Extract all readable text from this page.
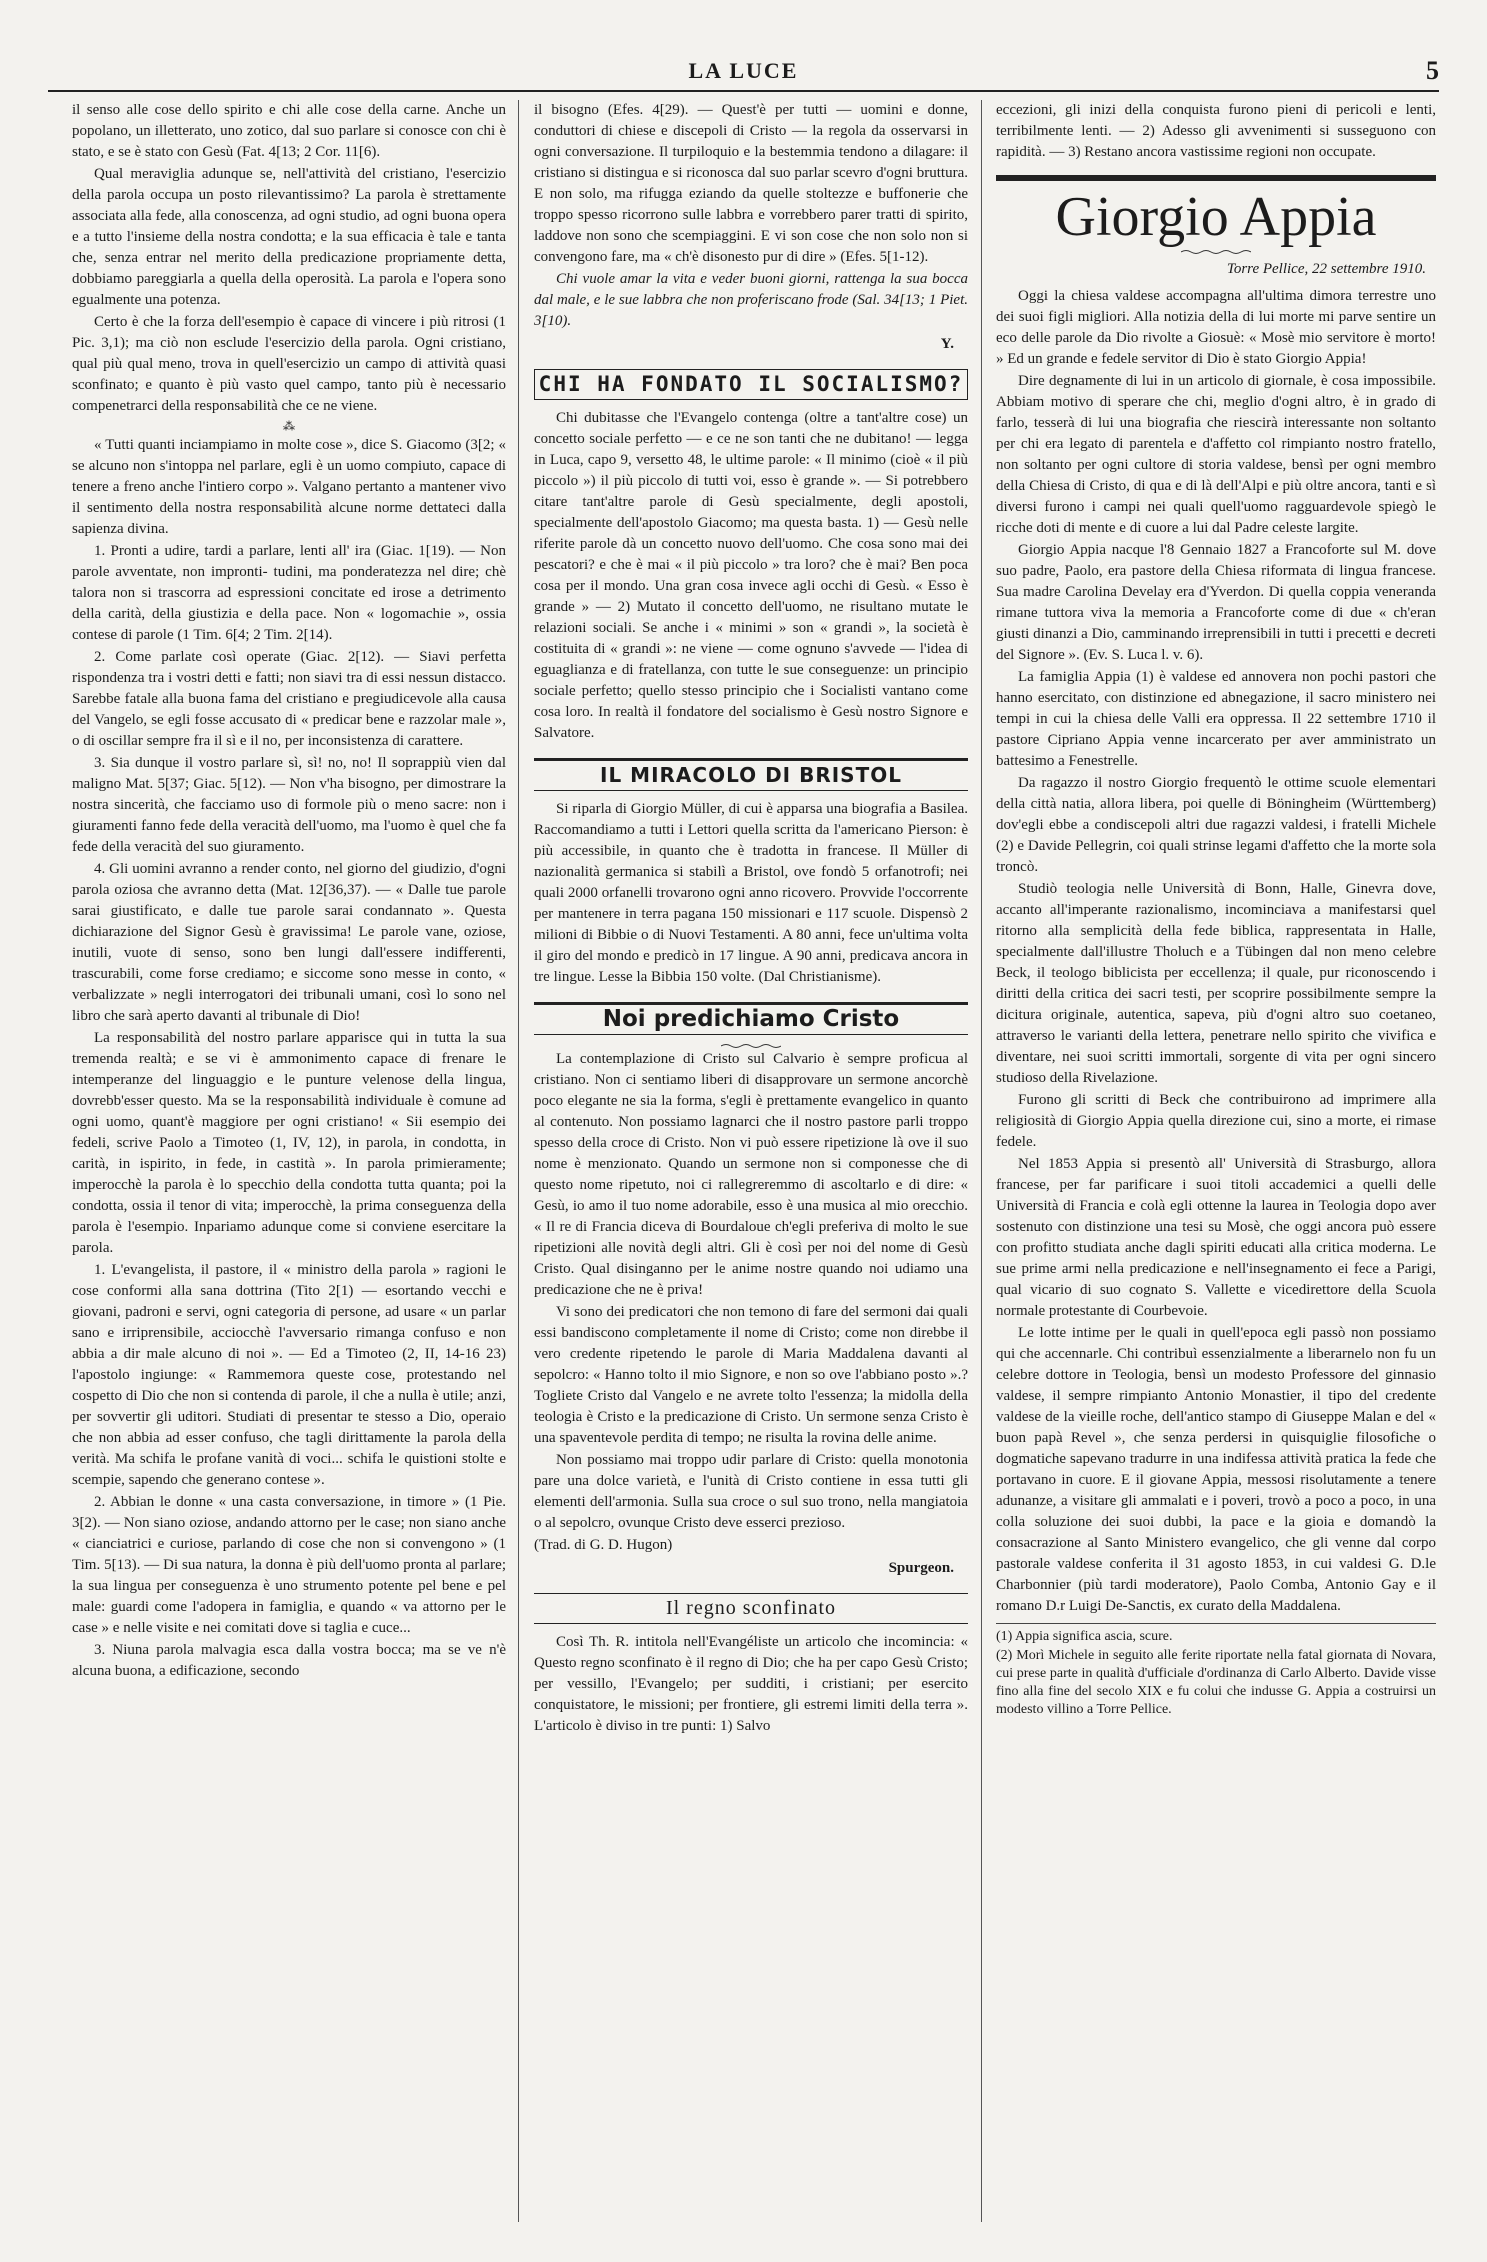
LA LUCE	5

il senso alle cose dello spirito e chi alle cose della carne. Anche un popolano, un illetterato, uno zotico, dal suo parlare si conosce con chi è stato, e se è stato con Gesù (Fat. 4[13; 2 Cor. 11[6).

Qual meraviglia adunque se, nell'attività del cristiano, l'esercizio della parola occupa un posto rilevantissimo? La parola è strettamente associata alla fede, alla conoscenza, ad ogni studio, ad ogni buona opera e a tutto l'insieme della nostra condotta; e la sua efficacia è tale e tanta che, senza entrar nel merito della predicazione propriamente detta, dobbiamo pareggiarla a quella della operosità. La parola e l'opera sono egualmente una potenza.

Certo è che la forza dell'esempio è capace di vincere i più ritrosi (1 Pic. 3,1); ma ciò non esclude l'esercizio della parola. Ogni cristiano, qual più qual meno, trova in quell'esercizio un campo di attività quasi sconfinato; e quanto è più vasto quel campo, tanto più è necessario compenetrarci della responsabilità che ce ne viene.

⁂

« Tutti quanti inciampiamo in molte cose », dice S. Giacomo (3[2; « se alcuno non s'intoppa nel parlare, egli è un uomo compiuto, capace di tenere a freno anche l'intiero corpo ». Valgano pertanto a mantener vivo il sentimento della nostra responsabilità alcune norme dettateci dalla sapienza divina.

1. Pronti a udire, tardi a parlare, lenti all' ira (Giac. 1[19). — Non parole avventate, non impronti- tudini, ma ponderatezza nel dire; chè talora non si trascorra ad espressioni concitate ed irose a detrimento della carità, della giustizia e della pace. Non « logomachie », ossia contese di parole (1 Tim. 6[4; 2 Tim. 2[14).

2. Come parlate così operate (Giac. 2[12). — Siavi perfetta rispondenza tra i vostri detti e fatti; non siavi tra di essi nessun distacco. Sarebbe fatale alla buona fama del cristiano e pregiudicevole alla causa del Vangelo, se egli fosse accusato di « predicar bene e razzolar male », o di oscillar sempre fra il sì e il no, per inconsistenza di carattere.

3. Sia dunque il vostro parlare sì, sì! no, no! Il soprappiù vien dal maligno Mat. 5[37; Giac. 5[12). — Non v'ha bisogno, per dimostrare la nostra sincerità, che facciamo uso di formole più o meno sacre: non i giuramenti fanno fede della veracità dell'uomo, ma l'uomo è quel che fa fede della veracità del suo giuramento.

4. Gli uomini avranno a render conto, nel giorno del giudizio, d'ogni parola oziosa che avranno detta (Mat. 12[36,37). — « Dalle tue parole sarai giustificato, e dalle tue parole sarai condannato ». Questa dichiarazione del Signor Gesù è gravissima! Le parole vane, oziose, inutili, vuote di senso, sono ben lungi dall'essere indifferenti, trascurabili, come forse crediamo; e siccome sono messe in conto, « verbalizzate » negli interrogatori dei tribunali umani, così lo sono nel libro che sarà aperto davanti al tribunale di Dio!

La responsabilità del nostro parlare apparisce qui in tutta la sua tremenda realtà; e se vi è ammonimento capace di frenare le intemperanze del linguaggio e le punture velenose della lingua, dovrebb'esser questo. Ma se la responsabilità individuale è comune ad ogni uomo, quant'è maggiore per ogni cristiano! « Sii esempio dei fedeli, scrive Paolo a Timoteo (1, IV, 12), in parola, in condotta, in carità, in ispirito, in fede, in castità ». In parola primieramente; imperocchè la parola è lo specchio della condotta tutta quanta; poi la condotta, ossia il tenor di vita; imperocchè, la prima conseguenza della parola è l'esempio. Inpariamo adunque come si conviene esercitare la parola.

1. L'evangelista, il pastore, il « ministro della parola » ragioni le cose conformi alla sana dottrina (Tito 2[1) — esortando vecchi e giovani, padroni e servi, ogni categoria di persone, ad usare « un parlar sano e irriprensibile, acciocchè l'avversario rimanga confuso e non abbia a dir male alcuno di noi ». — Ed a Timoteo (2, II, 14-16 23) l'apostolo ingiunge: « Rammemora queste cose, protestando nel cospetto di Dio che non si contenda di parole, il che a nulla è utile; anzi, per sovvertir gli uditori. Studiati di presentar te stesso a Dio, operaio che non abbia ad esser confuso, che tagli dirittamente la parola della verità. Ma schifa le profane vanità di voci... schifa le quistioni stolte e scempie, sapendo che generano contese ».

2. Abbian le donne « una casta conversazione, in timore » (1 Pie. 3[2). — Non siano oziose, andando attorno per le case; non siano anche « cianciatrici e curiose, parlando di cose che non si convengono » (1 Tim. 5[13). — Di sua natura, la donna è più dell'uomo pronta al parlare; la sua lingua per conseguenza è uno strumento potente pel bene e pel male: guardi come l'adopera in famiglia, e quando « va attorno per le case » e nelle visite e nei comitati dove si taglia e cuce...

3. Niuna parola malvagia esca dalla vostra bocca; ma se ve n'è alcuna buona, a edificazione, secondo

il bisogno (Efes. 4[29). — Quest'è per tutti — uomini e donne, conduttori di chiese e discepoli di Cristo — la regola da osservarsi in ogni conversazione. Il turpiloquio e la bestemmia tendono a dilagare: il cristiano si distingua e si riconosca dal suo parlar scevro d'ogni bruttura. E non solo, ma rifugga eziando da quelle stoltezze e buffonerie che troppo spesso ricorrono sulle labbra e vorrebbero parer tratti di spirito, laddove non sono che scempiaggini. E vi son cose che non solo non si convengono fare, ma « ch'è disonesto pur di dire » (Efes. 5[1-12).

Chi vuole amar la vita e veder buoni giorni, rattenga la sua bocca dal male, e le sue labbra che non proferiscano frode (Sal. 34[13; 1 Piet. 3[10).

Y.
CHI HA FONDATO IL SOCIALISMO?

Chi dubitasse che l'Evangelo contenga (oltre a tant'altre cose) un concetto sociale perfetto — e ce ne son tanti che ne dubitano! — legga in Luca, capo 9, versetto 48, le ultime parole: « Il minimo (cioè « il più piccolo ») il più piccolo di tutti voi, esso è grande ». — Si potrebbero citare tant'altre parole di Gesù specialmente, degli apostoli, specialmente dell'apostolo Giacomo; ma questa basta. 1) — Gesù nelle riferite parole dà un concetto nuovo dell'uomo. Che cosa sono mai dei pescatori? e che è mai « il più piccolo » tra loro? che è mai? Ben poca cosa per il mondo. Una gran cosa invece agli occhi di Gesù. « Esso è grande » — 2) Mutato il concetto dell'uomo, ne risultano mutate le relazioni sociali. Se anche i « minimi » son « grandi », la società è costituita di « grandi »: ne viene — come ognuno s'avvede — l'idea di eguaglianza e di fratellanza, con tutte le sue conseguenze: un principio sociale perfetto; quello stesso principio che i Socialisti vantano come cosa loro. In realtà il fondatore del socialismo è Gesù nostro Signore e Salvatore.

IL MIRACOLO DI BRISTOL

Si riparla di Giorgio Müller, di cui è apparsa una biografia a Basilea. Raccomandiamo a tutti i Lettori quella scritta da l'americano Pierson: è più accessibile, in quanto che è tradotta in francese. Il Müller di nazionalità germanica si stabilì a Bristol, ove fondò 5 orfanotrofi; nei quali 2000 orfanelli trovarono ogni anno ricovero. Provvide l'occorrente per mantenere in terra pagana 150 missionari e 117 scuole. Dispensò 2 milioni di Bibbie o di Nuovi Testamenti. A 80 anni, fece un'ultima volta il giro del mondo e predicò in 17 lingue. A 90 anni, predicava ancora in tre lingue. Lesse la Bibbia 150 volte. (Dal Christianisme).

Noi predichiamo Cristo

La contemplazione di Cristo sul Calvario è sempre proficua al cristiano. Non ci sentiamo liberi di disapprovare un sermone ancorchè poco elegante ne sia la forma, s'egli è prettamente evangelico in quanto al contenuto. Non possiamo lagnarci che il nostro pastore parli troppo spesso della croce di Cristo. Non vi può essere ripetizione là ove il suo nome è menzionato. Quando un sermone non si componesse che di questo nome ripetuto, noi ci rallegreremmo di ascoltarlo e di dire: « Gesù, io amo il tuo nome adorabile, esso è una musica al mio orecchio. « Il re di Francia diceva di Bourdaloue ch'egli preferiva di molto le sue ripetizioni alle novità degli altri. Gli è così per noi del nome di Gesù Cristo. Qual disinganno per le anime nostre quando noi udiamo una predicazione che ne è priva!

Vi sono dei predicatori che non temono di fare del sermoni dai quali essi bandiscono completamente il nome di Cristo; come non direbbe il vero credente ripetendo le parole di Maria Maddalena davanti al sepolcro: « Hanno tolto il mio Signore, e non so ove l'abbiano posto ».? Togliete Cristo dal Vangelo e ne avrete tolto l'essenza; la midolla della teologia è Cristo e la predicazione di Cristo. Un sermone senza Cristo è una spaventevole perdita di tempo; ne risulta la rovina delle anime.

Non possiamo mai troppo udir parlare di Cristo: quella monotonia pare una dolce varietà, e l'unità di Cristo contiene in essa tutti gli elementi dell'armonia. Sulla sua croce o sul suo trono, nella mangiatoia o al sepolcro, ovunque Cristo deve esserci prezioso.

(Trad. di G. D. Hugon)

Spurgeon.
Il regno sconfinato

Così Th. R. intitola nell'Evangéliste un articolo che incomincia: « Questo regno sconfinato è il regno di Dio; che ha per capo Gesù Cristo; per vessillo, l'Evangelo; per sudditi, i cristiani; per esercito conquistatore, le missioni; per frontiere, gli estremi limiti della terra ». L'articolo è diviso in tre punti: 1) Salvo

eccezioni, gli inizi della conquista furono pieni di pericoli e lenti, terribilmente lenti. — 2) Adesso gli avvenimenti si susseguono con rapidità. — 3) Restano ancora vastissime regioni non occupate.

Giorgio Appia
Torre Pellice, 22 settembre 1910.

Oggi la chiesa valdese accompagna all'ultima dimora terrestre uno dei suoi figli migliori. Alla notizia della di lui morte mi parve sentire un eco delle parole da Dio rivolte a Giosuè: « Mosè mio servitore è morto! » Ed un grande e fedele servitor di Dio è stato Giorgio Appia!

Dire degnamente di lui in un articolo di giornale, è cosa impossibile. Abbiam motivo di sperare che chi, meglio d'ogni altro, è in grado di farlo, tesserà di lui una biografia che riescirà interessante non soltanto per chi era legato di parentela e d'affetto col rimpianto nostro fratello, non soltanto per ogni cultore di storia valdese, bensì per ogni membro della Chiesa di Cristo, di qua e di là dell'Alpi e più oltre ancora, tanti e sì diversi furono i campi nei quali quell'uomo ragguardevole spiegò le ricche doti di mente e di cuore a lui dal Padre celeste largite.

Giorgio Appia nacque l'8 Gennaio 1827 a Francoforte sul M. dove suo padre, Paolo, era pastore della Chiesa riformata di lingua francese. Sua madre Carolina Develay era d'Yverdon. Di quella coppia veneranda rimane tuttora viva la memoria a Francoforte come di due « ch'eran giusti dinanzi a Dio, camminando irreprensibili in tutti i precetti e decreti del Signore ». (Ev. S. Luca l. v. 6).

La famiglia Appia (1) è valdese ed annovera non pochi pastori che hanno esercitato, con distinzione ed abnegazione, il sacro ministero nei tempi in cui la chiesa delle Valli era oppressa. Il 22 settembre 1710 il pastore Cipriano Appia venne incarcerato per aver amministrato un battesimo a Fenestrelle.

Da ragazzo il nostro Giorgio frequentò le ottime scuole elementari della città natia, allora libera, poi quelle di Böningheim (Württemberg) dov'egli ebbe a condiscepoli altri due ragazzi valdesi, i fratelli Michele (2) e Davide Pellegrin, coi quali strinse legami d'affetto che la morte sola troncò.

Studiò teologia nelle Università di Bonn, Halle, Ginevra dove, accanto all'imperante razionalismo, incominciava a manifestarsi quel ritorno alla semplicità della fede biblica, rappresentata in Halle, specialmente dall'illustre Tholuch e a Tübingen dal non meno celebre Beck, il teologo biblicista per eccellenza; il quale, pur riconoscendo i diritti della critica dei sacri testi, per scoprire possibilmente sempre la dicitura originale, autentica, sapeva, più d'ogni altro suo coetaneo, attraverso le varianti della lettera, penetrare nello spirito che vivifica e diventare, nei suoi scritti immortali, sorgente di vita per ogni sincero studioso della Rivelazione.

Furono gli scritti di Beck che contribuirono ad imprimere alla religiosità di Giorgio Appia quella direzione cui, sino a morte, ei rimase fedele.

Nel 1853 Appia si presentò all' Università di Strasburgo, allora francese, per far parificare i suoi titoli accademici a quelli delle Università di Francia e colà egli ottenne la laurea in Teologia dopo aver sostenuto con distinzione una tesi su Mosè, che oggi ancora può essere con profitto studiata anche dagli spiriti educati alla critica moderna. Le sue prime armi nella predicazione e nell'insegnamento ei fece a Parigi, qual vicario di suo cognato S. Vallette e vicedirettore della Scuola normale protestante di Courbevoie.

Le lotte intime per le quali in quell'epoca egli passò non possiamo qui che accennarle. Chi contribuì essenzialmente a liberarnelo non fu un celebre dottore in Teologia, bensì un modesto Professore del ginnasio valdese, il sempre rimpianto Antonio Monastier, il tipo del credente valdese de la vieille roche, dell'antico stampo di Giuseppe Malan e del « buon papà Revel », che senza perdersi in quisquiglie filosofiche o dogmatiche sapevano tradurre in una indifessa attività pratica la fede che portavano in cuore. E il giovane Appia, messosi risolutamente a tenere adunanze, a visitare gli ammalati e i poveri, trovò a poco a poco, in una colla soluzione dei suoi dubbi, la pace e la gioia e domandò la consacrazione al Santo Ministero evangelico, che gli venne dal corpo pastorale valdese conferita il 31 agosto 1853, in cui valdesi G. D.le Charbonnier (più tardi moderatore), Paolo Comba, Antonio Gay e il romano D.r Luigi De-Sanctis, ex curato della Maddalena.

(1) Appia significa ascia, scure.

(2) Morì Michele in seguito alle ferite riportate nella fatal giornata di Novara, cui prese parte in qualità d'ufficiale d'ordinanza di Carlo Alberto. Davide visse fino alla fine del secolo XIX e fu colui che indusse G. Appia a costruirsi un modesto villino a Torre Pellice.
